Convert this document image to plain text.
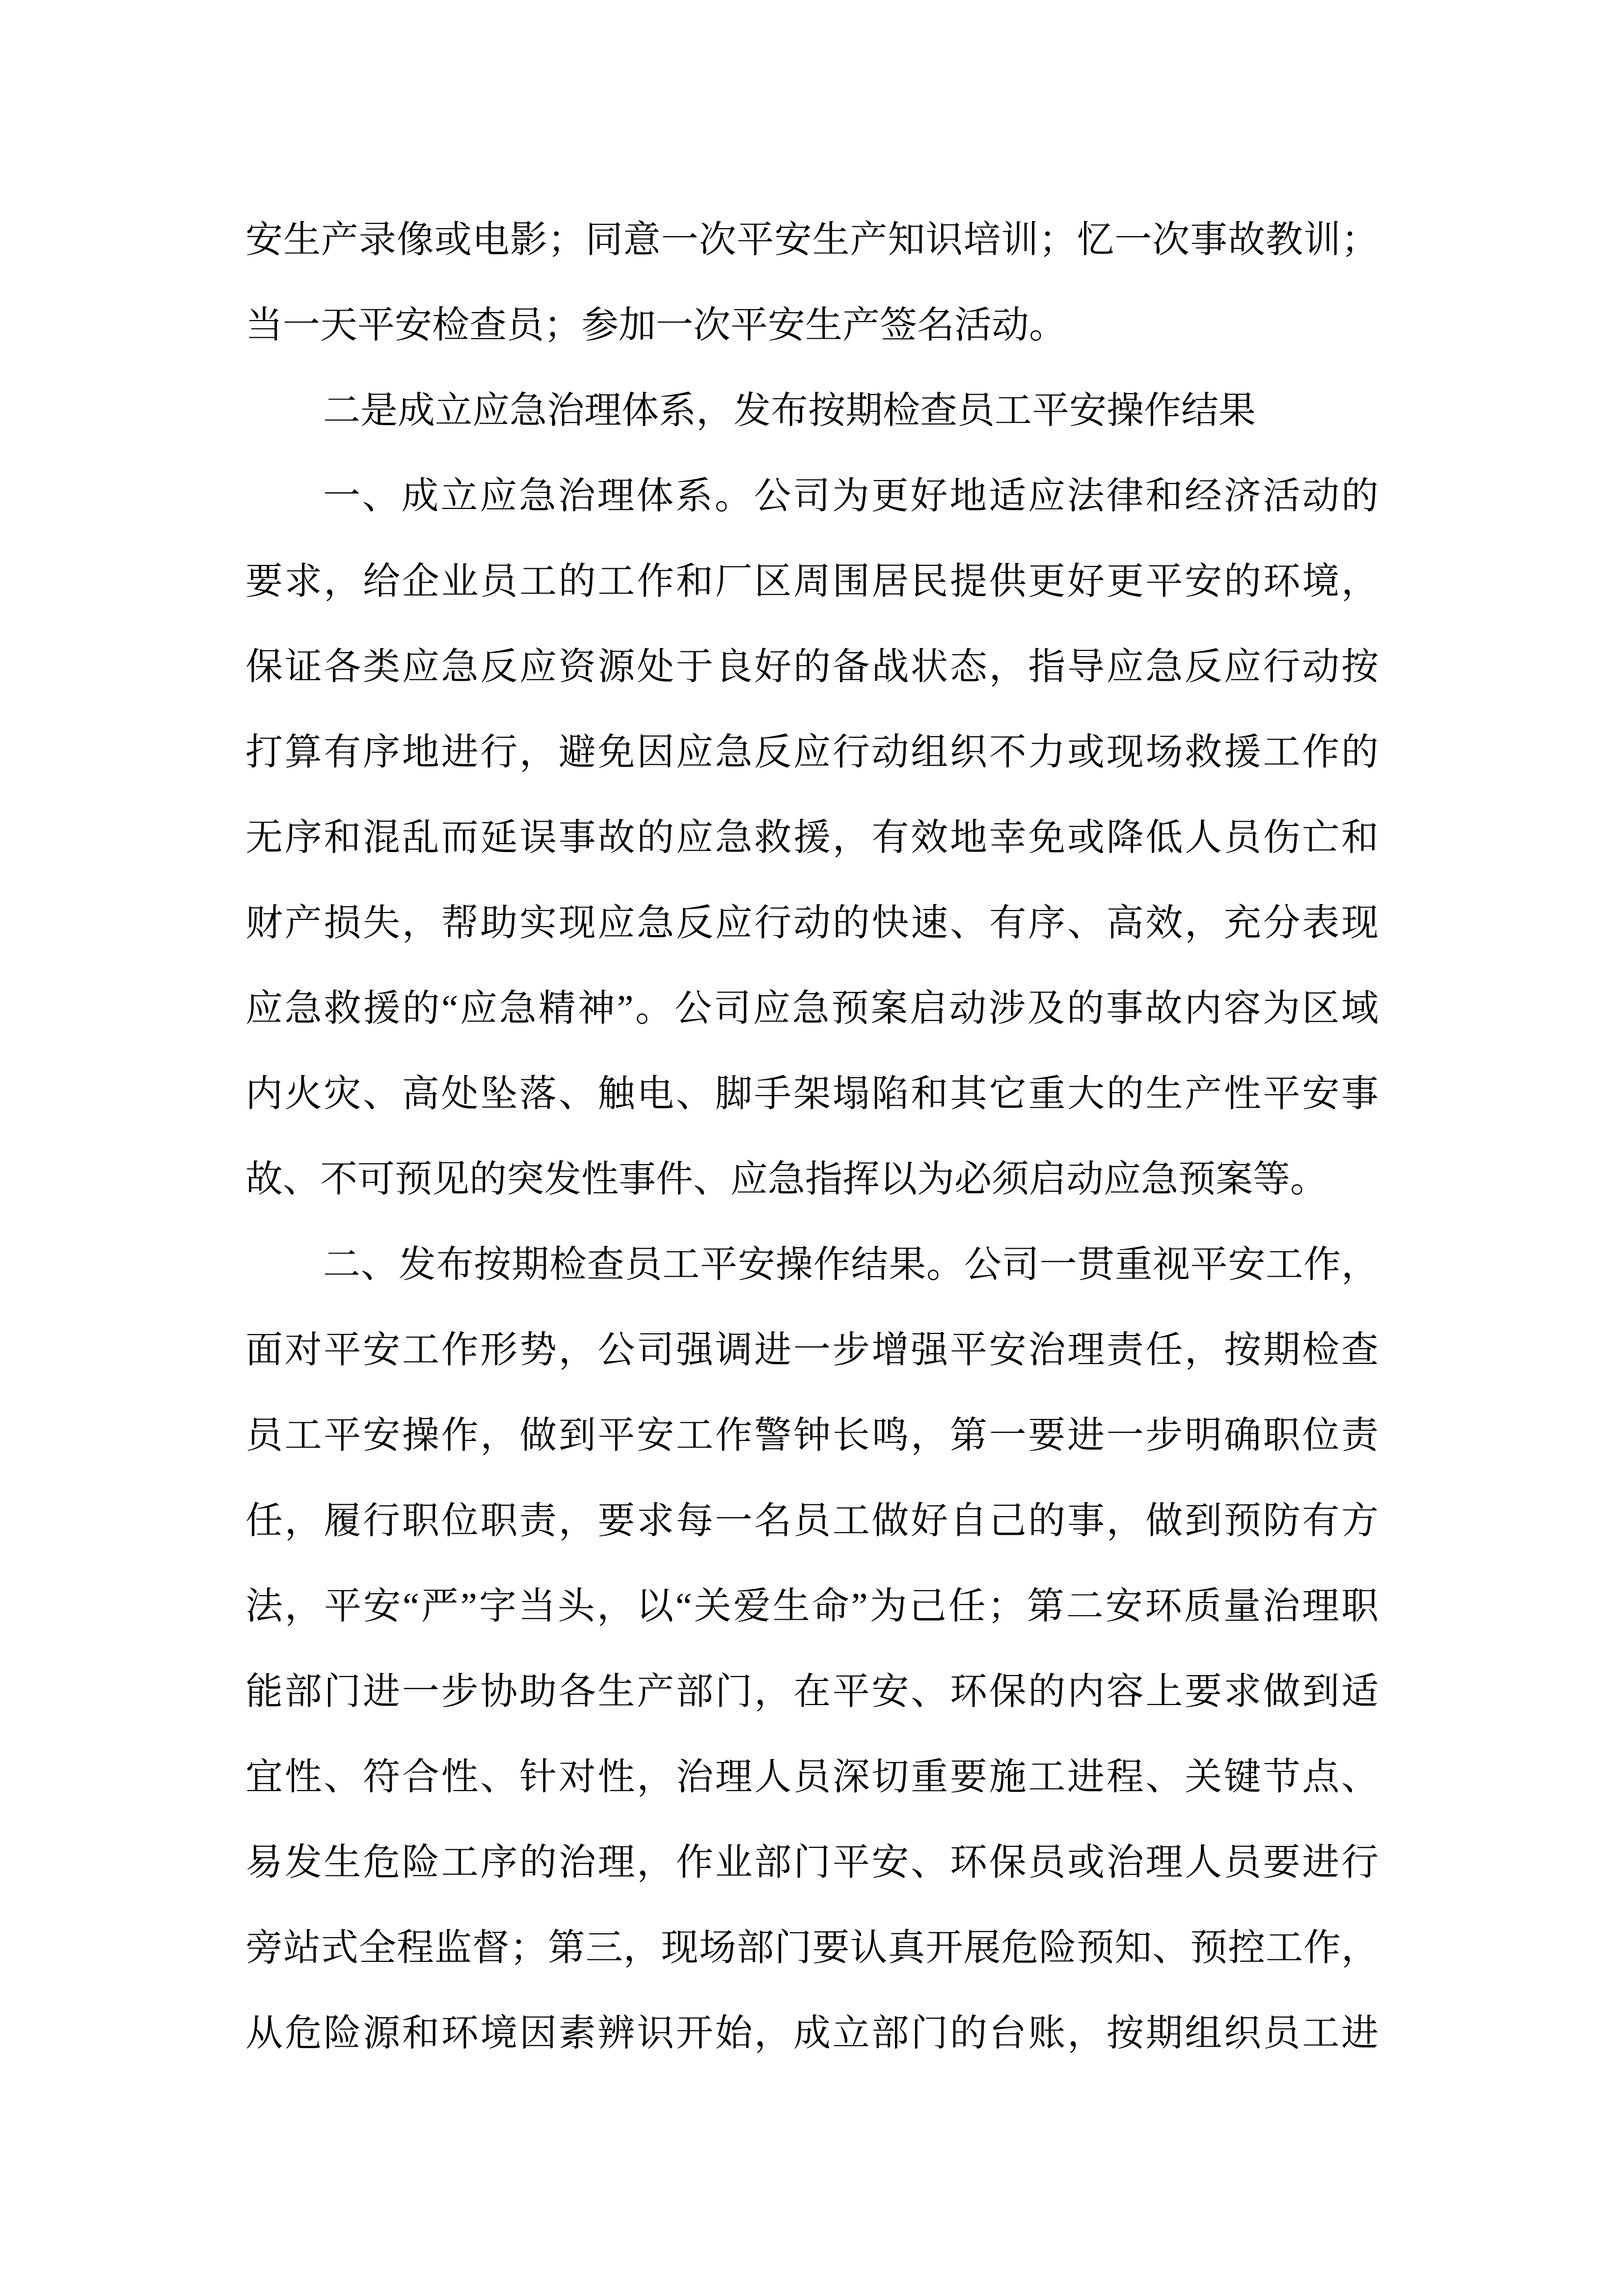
安生产录像或电影；同意一次平安生产知识培训；忆一次事故教训；
当一天平安检查员；参加一次平安生产签名活动。
二是成立应急治理体系，发布按期检查员工平安操作结果
一、成立应急治理体系。公司为更好地适应法律和经济活动的
要求，给企业员工的工作和厂区周围居民提供更好更平安的环境，
保证各类应急反应资源处于良好的备战状态，指导应急反应行动按
打算有序地进行，避免因应急反应行动组织不力或现场救援工作的
无序和混乱而延误事故的应急救援，有效地幸免或降低人员伤亡和
财产损失，帮助实现应急反应行动的快速、有序、高效，充分表现
应急救援的“应急精神”。公司应急预案启动涉及的事故内容为区域
内火灾、高处坠落、触电、脚手架塌陷和其它重大的生产性平安事
故、不可预见的突发性事件、应急指挥以为必须启动应急预案等。
二、发布按期检查员工平安操作结果。公司一贯重视平安工作，
面对平安工作形势，公司强调进一步增强平安治理责任，按期检查
员工平安操作，做到平安工作警钟长鸣，第一要进一步明确职位责
任，履行职位职责，要求每一名员工做好自己的事，做到预防有方
法，平安“严”字当头，以“关爱生命”为己任；第二安环质量治理职
能部门进一步协助各生产部门，在平安、环保的内容上要求做到适
宜性、符合性、针对性，治理人员深切重要施工进程、关键节点、
易发生危险工序的治理，作业部门平安、环保员或治理人员要进行
旁站式全程监督；第三，现场部门要认真开展危险预知、预控工作，
从危险源和环境因素辨识开始，成立部门的台账，按期组织员工进
